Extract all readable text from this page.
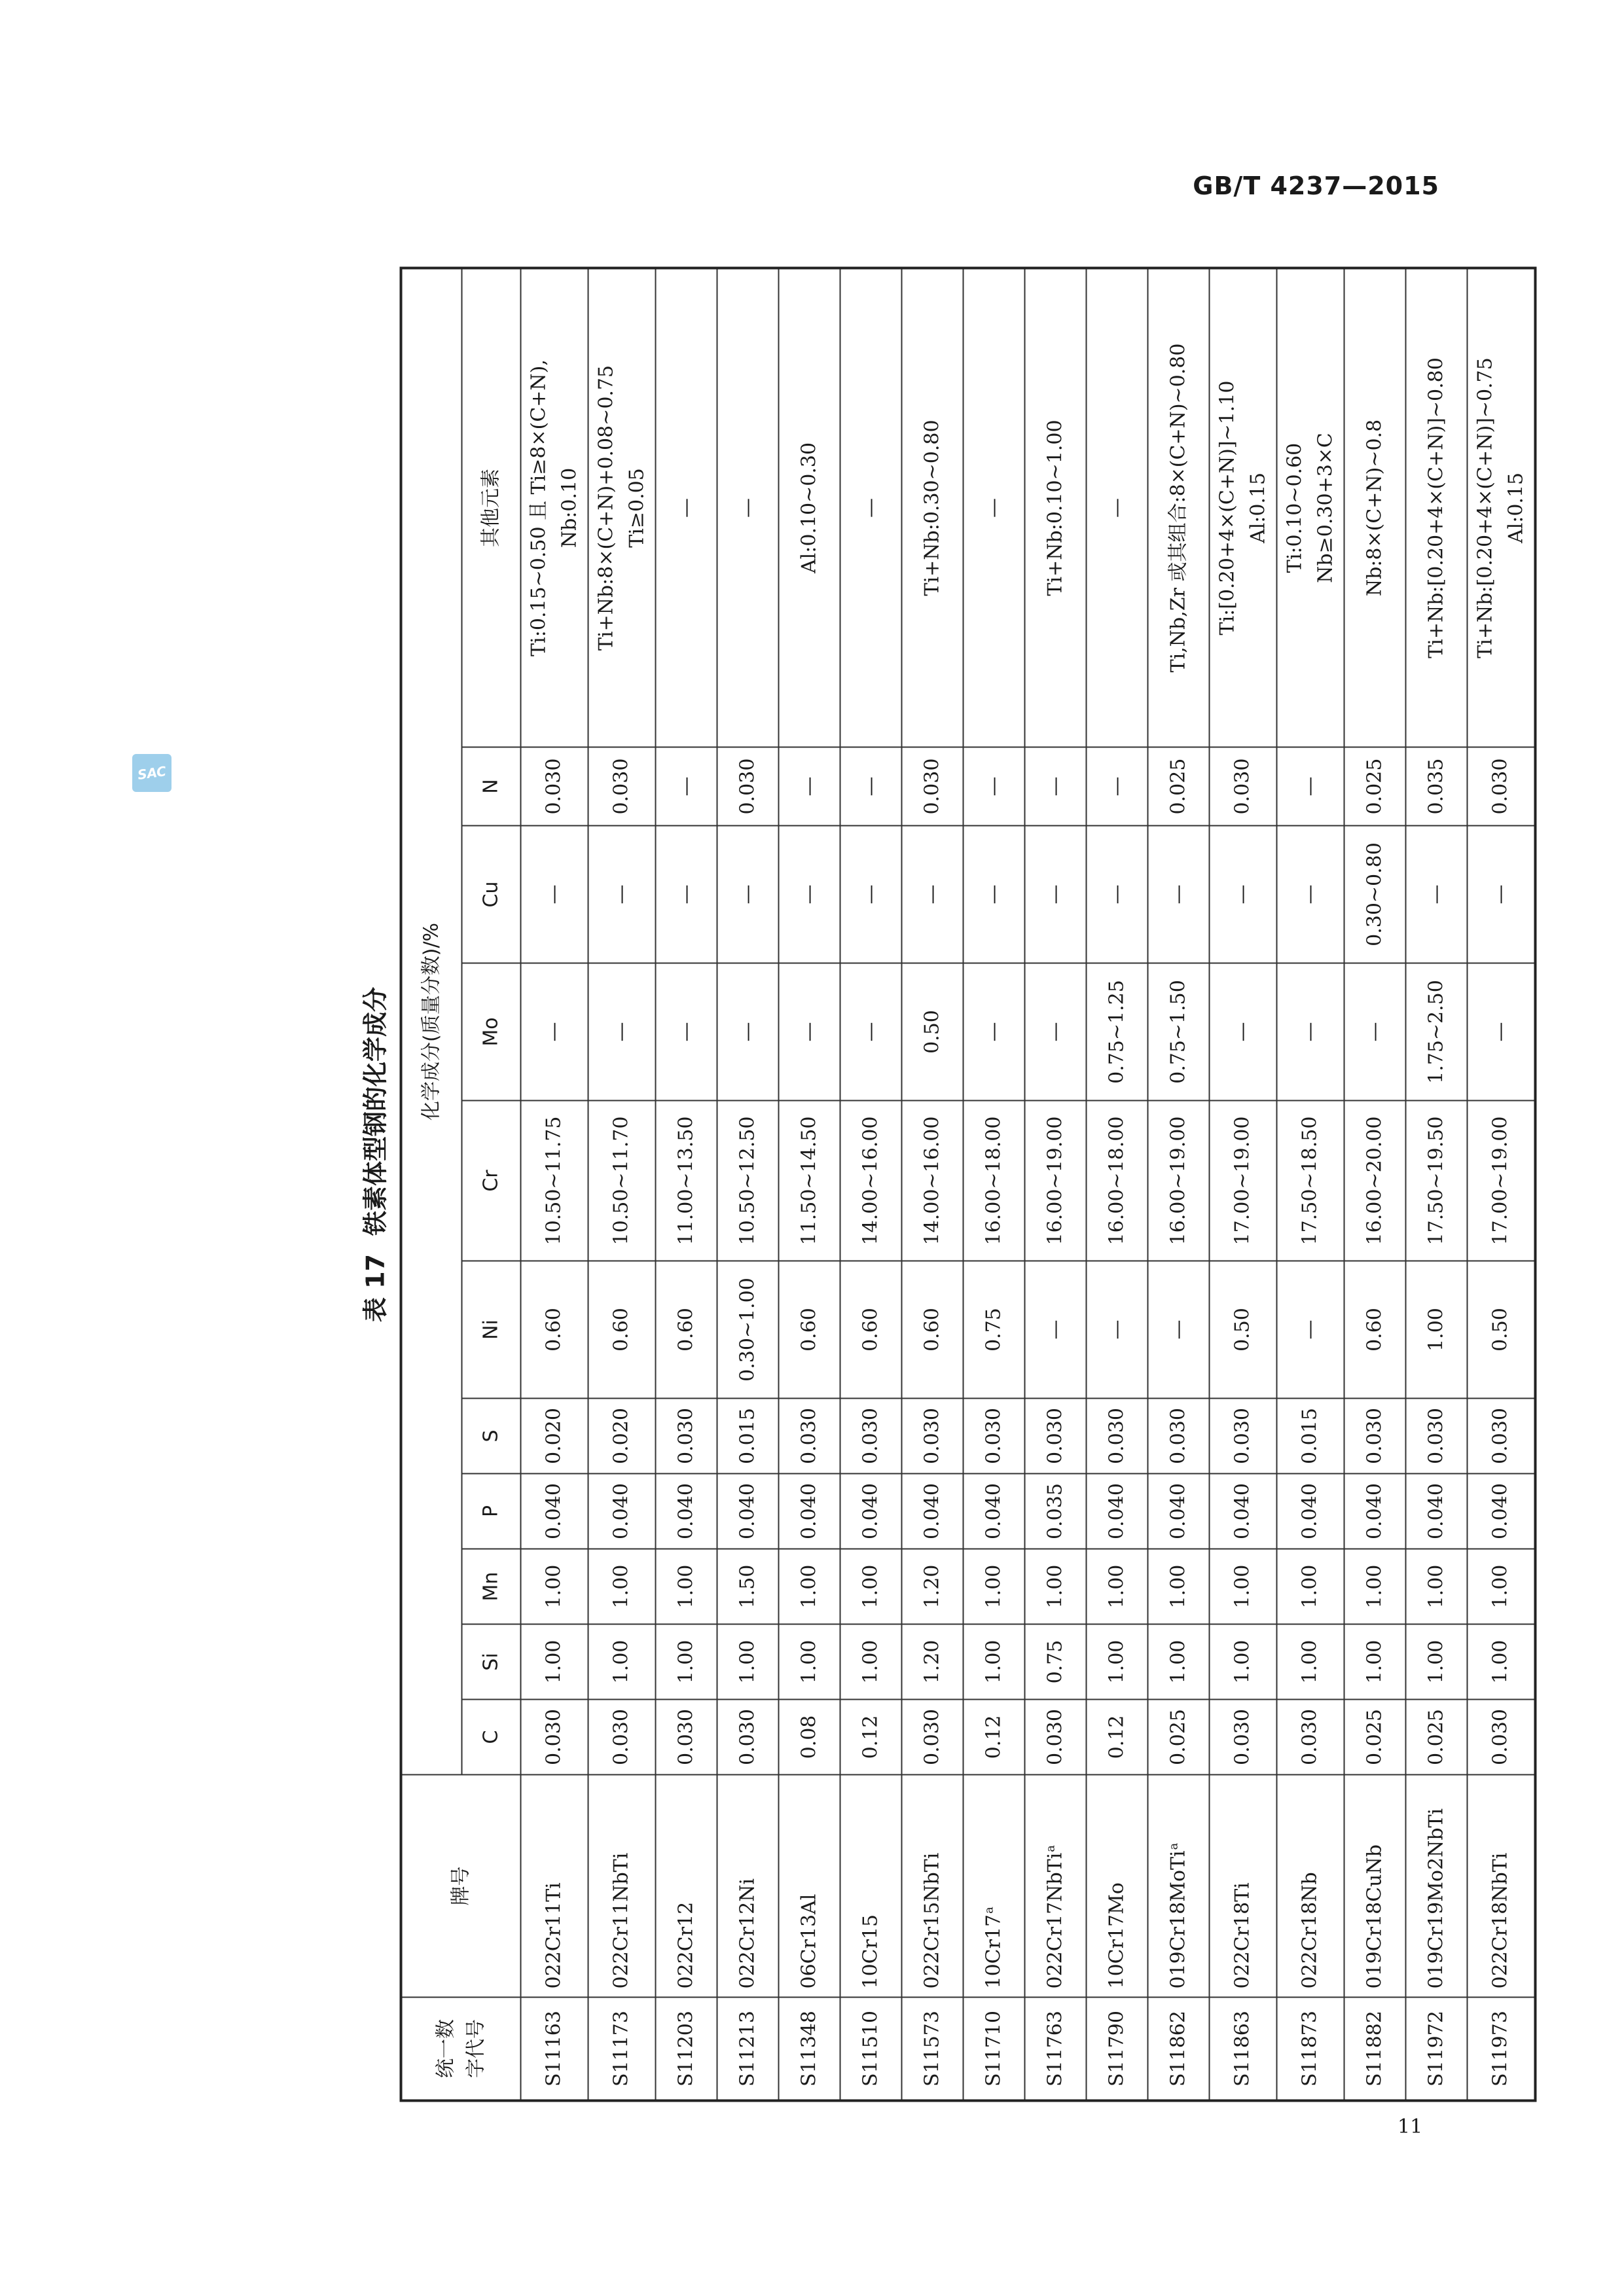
GB/T 4237—2015
SAC
表 17
铁素体型钢的化学成分
统一数 字代号	牌号	化学成分(质量分数)/%										
		C	Si	Mn	P	S	Ni	Cr	Mo	Cu	N	其他元素
S11163	022Cr11Ti	0.030	1.00	1.00	0.040	0.020	0.60	10.50~11.75	—	—	0.030	Ti:0.15~0.50 且 Ti≥8×(C+N), Nb:0.10

S11173	022Cr11NbTi	0.030	1.00	1.00	0.040	0.020	0.60	10.50~11.70	—	—	0.030	Ti+Nb:8×(C+N)+0.08~0.75 Ti≥0.05

S11203	022Cr12	0.030	1.00	1.00	0.040	0.030	0.60	11.00~13.50	—	—	—	—

S11213	022Cr12Ni	0.030	1.00	1.50	0.040	0.015	0.30~1.00	10.50~12.50	—	—	0.030	—

S11348	06Cr13Al	0.08	1.00	1.00	0.040	0.030	0.60	11.50~14.50	—	—	—	Al:0.10~0.30

S11510	10Cr15	0.12	1.00	1.00	0.040	0.030	0.60	14.00~16.00	—	—	—	—

S11573	022Cr15NbTi	0.030	1.20	1.20	0.040	0.030	0.60	14.00~16.00	0.50	—	0.030	Ti+Nb:0.30~0.80

S11710	10Cr17$^a$	0.12	1.00	1.00	0.040	0.030	0.75	16.00~18.00	—	—	—	—

S11763	022Cr17NbTi$^a$	0.030	0.75	1.00	0.035	0.030	—	16.00~19.00	—	—	—	Ti+Nb:0.10~1.00

S11790	10Cr17Mo	0.12	1.00	1.00	0.040	0.030	—	16.00~18.00	0.75~1.25	—	—	—

S11862	019Cr18MoTi$^a$	0.025	1.00	1.00	0.040	0.030	—	16.00~19.00	0.75~1.50	—	0.025	Ti,Nb,Zr 或其组合:8×(C+N)~0.80

S11863	022Cr18Ti	0.030	1.00	1.00	0.040	0.030	0.50	17.00~19.00	—	—	0.030	Ti:[0.20+4×(C+N)]~1.10 Al:0.15

S11873	022Cr18Nb	0.030	1.00	1.00	0.040	0.015	—	17.50~18.50	—	—	—	Ti:0.10~0.60 Nb≥0.30+3×C

S11882	019Cr18CuNb	0.025	1.00	1.00	0.040	0.030	0.60	16.00~20.00	—	0.30~0.80	0.025	Nb:8×(C+N)~0.8

S11972	019Cr19Mo2NbTi	0.025	1.00	1.00	0.040	0.030	1.00	17.50~19.50	1.75~2.50	—	0.035	Ti+Nb:[0.20+4×(C+N)]~0.80

S11973	022Cr18NbTi	0.030	1.00	1.00	0.040	0.030	0.50	17.00~19.00	—	—	0.030	Ti+Nb:[0.20+4×(C+N)]~0.75 Al:0.15
11
